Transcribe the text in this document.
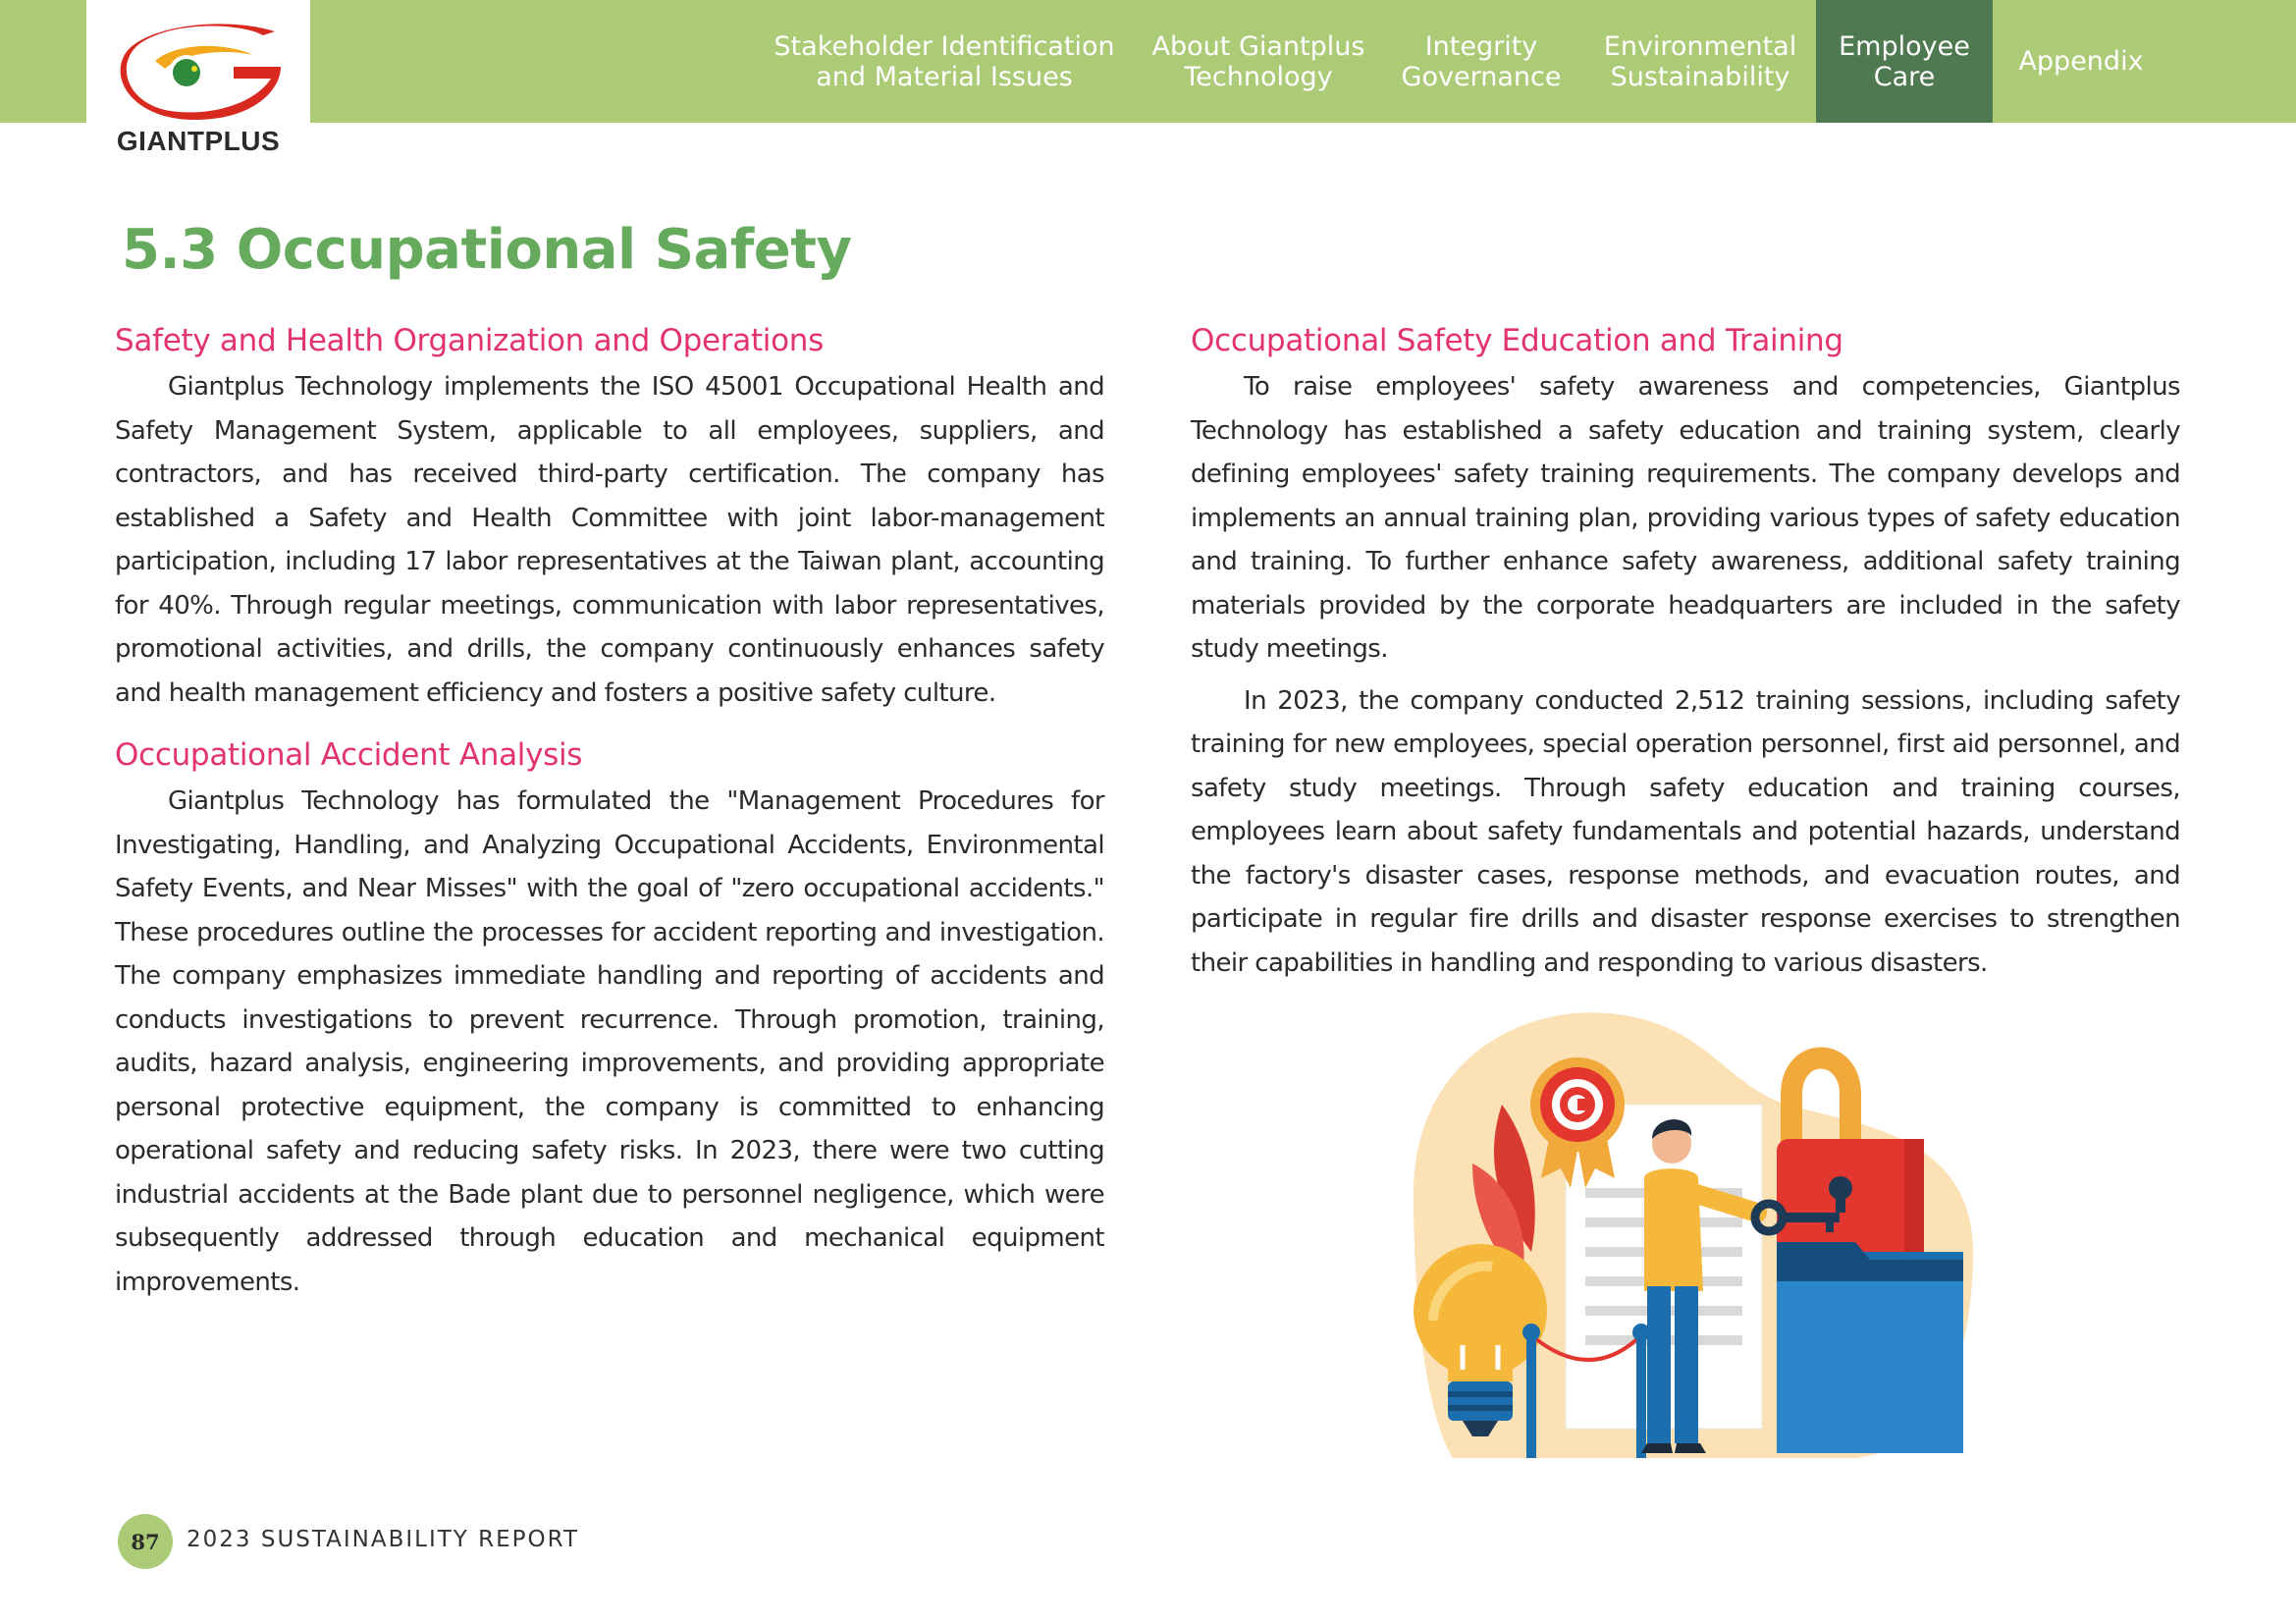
GIANTPLUS
Stakeholder Identification
and Material Issues
About Giantplus
Technology
Integrity
Governance
Environmental
Sustainability
Employee
Care	Appendix
5.3 Occupational Safety
Safety and Health Organization and Operations

Giantplus Technology implements the ISO 45001 Occupational Health and Safety Management System, applicable to all employees, suppliers, and contractors, and has received third-party certification. The company has established a Safety and Health Committee with joint labor-management participation, including 17 labor representatives at the Taiwan plant, accounting for 40%. Through regular meetings, communication with labor representatives, promotional activities, and drills, the company continuously enhances safety and health management efficiency and fosters a positive safety culture.

Occupational Accident Analysis

Giantplus Technology has formulated the "Management Procedures for Investigating, Handling, and Analyzing Occupational Accidents, Environmental Safety Events, and Near Misses" with the goal of "zero occupational accidents." These procedures outline the processes for accident reporting and investigation. The company emphasizes immediate handling and reporting of accidents and conducts investigations to prevent recurrence. Through promotion, training, audits, hazard analysis, engineering improvements, and providing appropriate personal protective equipment, the company is committed to enhancing operational safety and reducing safety risks. In 2023, there were two cutting industrial accidents at the Bade plant due to personnel negligence, which were subsequently addressed through education and mechanical equipment improvements.

Occupational Safety Education and Training

To raise employees' safety awareness and competencies, Giantplus Technology has established a safety education and training system, clearly defining employees' safety training requirements. The company develops and implements an annual training plan, providing various types of safety education and training. To further enhance safety awareness, additional safety training materials provided by the corporate headquarters are included in the safety study meetings.

In 2023, the company conducted 2,512 training sessions, including safety training for new employees, special operation personnel, first aid personnel, and safety study meetings. Through safety education and training courses, employees learn about safety fundamentals and potential hazards, understand the factory's disaster cases, response methods, and evacuation routes, and participate in regular fire drills and disaster response exercises to strengthen their capabilities in handling and responding to various disasters.

87	2023 SUSTAINABILITY REPORT
